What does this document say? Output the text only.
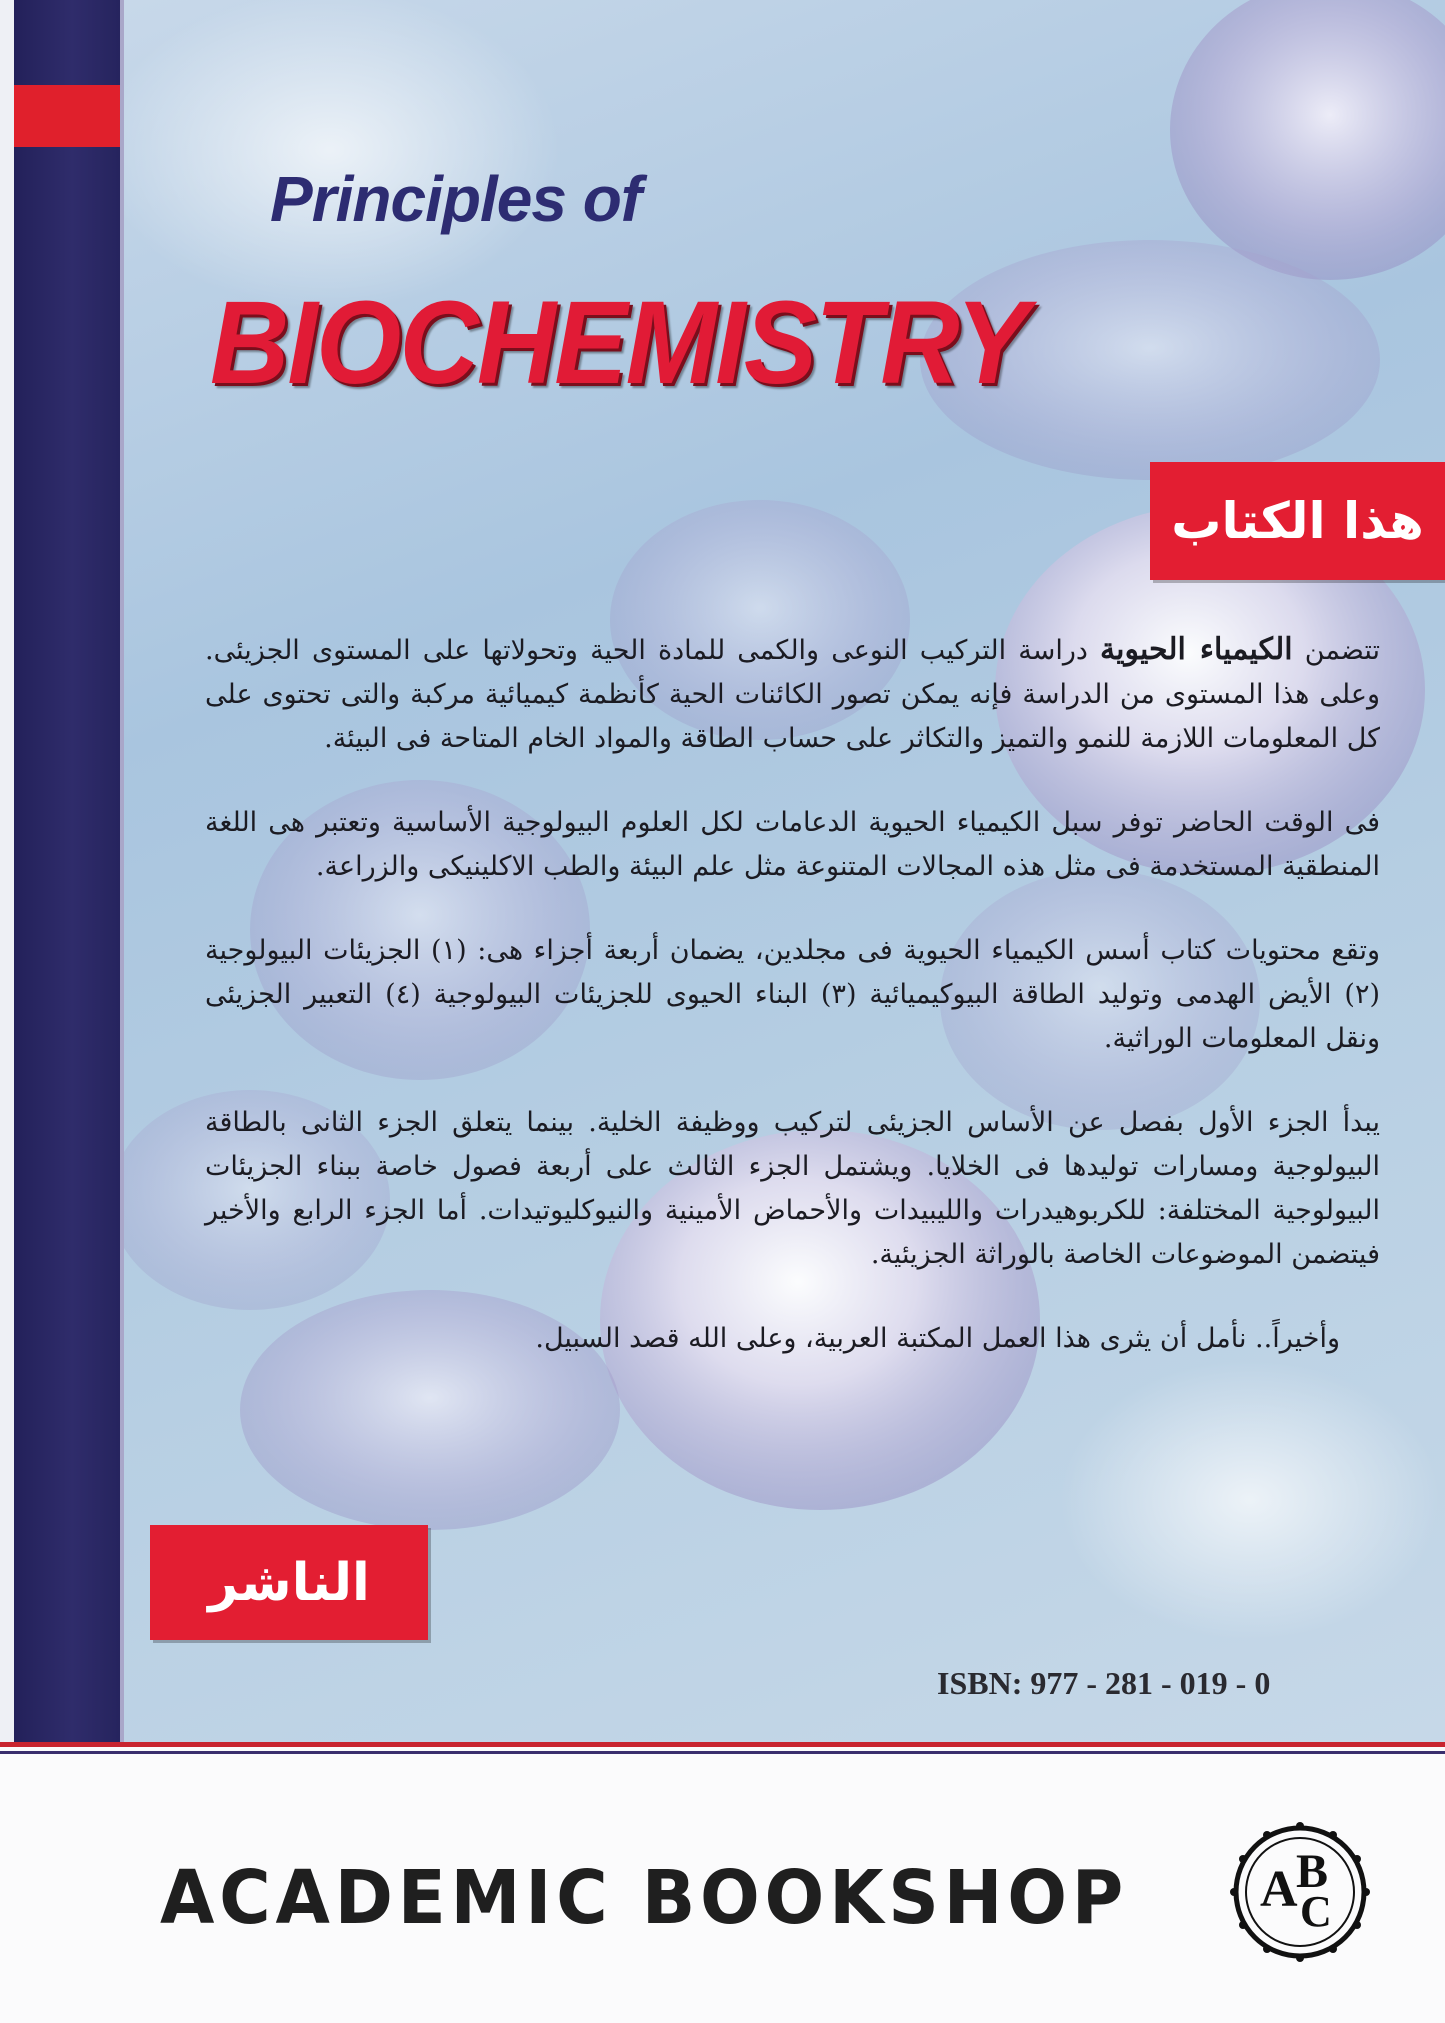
Principles of
BIOCHEMISTRY
هذا الكتاب

تتضمن الكيمياء الحيوية دراسة التركيب النوعى والكمى للمادة الحية وتحولاتها على المستوى الجزيئى. وعلى هذا المستوى من الدراسة فإنه يمكن تصور الكائنات الحية كأنظمة كيميائية مركبة والتى تحتوى على كل المعلومات اللازمة للنمو والتميز والتكاثر على حساب الطاقة والمواد الخام المتاحة فى البيئة.

فى الوقت الحاضر توفر سبل الكيمياء الحيوية الدعامات لكل العلوم البيولوجية الأساسية وتعتبر هى اللغة المنطقية المستخدمة فى مثل هذه المجالات المتنوعة مثل علم البيئة والطب الاكلينيكى والزراعة.

وتقع محتويات كتاب أسس الكيمياء الحيوية فى مجلدين، يضمان أربعة أجزاء هى: (١) الجزيئات البيولوجية (٢) الأيض الهدمى وتوليد الطاقة البيوكيميائية (٣) البناء الحيوى للجزيئات البيولوجية (٤) التعبير الجزيئى ونقل المعلومات الوراثية.

يبدأ الجزء الأول بفصل عن الأساس الجزيئى لتركيب ووظيفة الخلية. بينما يتعلق الجزء الثانى بالطاقة البيولوجية ومسارات توليدها فى الخلايا. ويشتمل الجزء الثالث على أربعة فصول خاصة ببناء الجزيئات البيولوجية المختلفة: للكربوهيدرات والليبيدات والأحماض الأمينية والنيوكليوتيدات. أما الجزء الرابع والأخير فيتضمن الموضوعات الخاصة بالوراثة الجزيئية.

وأخيراً.. نأمل أن يثرى هذا العمل المكتبة العربية، وعلى الله قصد السبيل.

الناشر
ISBN: 977 - 281 - 019 - 0
ACADEMIC BOOKSHOP	A
B
C
